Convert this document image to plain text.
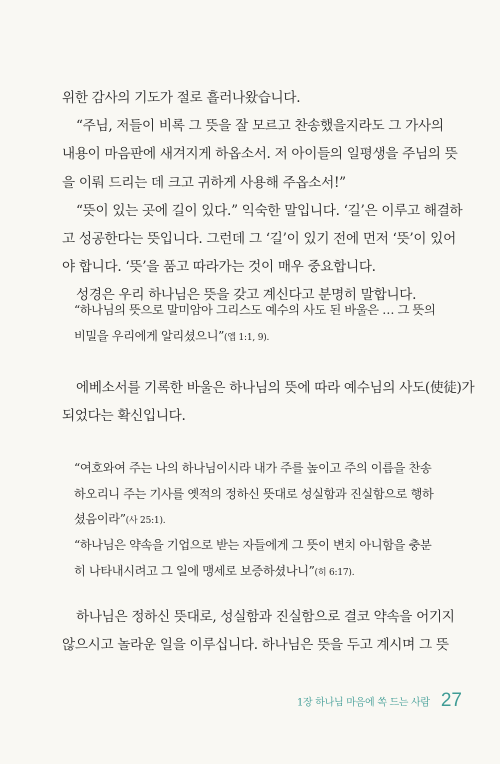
위한 감사의 기도가 절로 흘러나왔습니다.
“주님, 저들이 비록 그 뜻을 잘 모르고 찬송했을지라도 그 가사의
내용이 마음판에 새겨지게 하옵소서. 저 아이들의 일평생을 주님의 뜻
을 이뤄 드리는 데 크고 귀하게 사용해 주옵소서!”
“뜻이 있는 곳에 길이 있다.” 익숙한 말입니다. ‘길’은 이루고 해결하
고 성공한다는 뜻입니다. 그런데 그 ‘길’이 있기 전에 먼저 ‘뜻’이 있어
야 합니다. ‘뜻’을 품고 따라가는 것이 매우 중요합니다.
성경은 우리 하나님은 뜻을 갖고 계신다고 분명히 말합니다.
“하나님의 뜻으로 말미암아 그리스도 예수의 사도 된 바울은 … 그 뜻의
비밀을 우리에게 알리셨으니”(엡 1:1, 9).
에베소서를 기록한 바울은 하나님의 뜻에 따라 예수님의 사도(使徒)가
되었다는 확신입니다.
“여호와여 주는 나의 하나님이시라 내가 주를 높이고 주의 이름을 찬송
하오리니 주는 기사를 옛적의 정하신 뜻대로 성실함과 진실함으로 행하
셨음이라”(사 25:1).
“하나님은 약속을 기업으로 받는 자들에게 그 뜻이 변치 아니함을 충분
히 나타내시려고 그 일에 맹세로 보증하셨나니”(히 6:17).
하나님은 정하신 뜻대로, 성실함과 진실함으로 결코 약속을 어기지
않으시고 놀라운 일을 이루십니다. 하나님은 뜻을 두고 계시며 그 뜻
1장 하나님 마음에 쏙 드는 사람 27
